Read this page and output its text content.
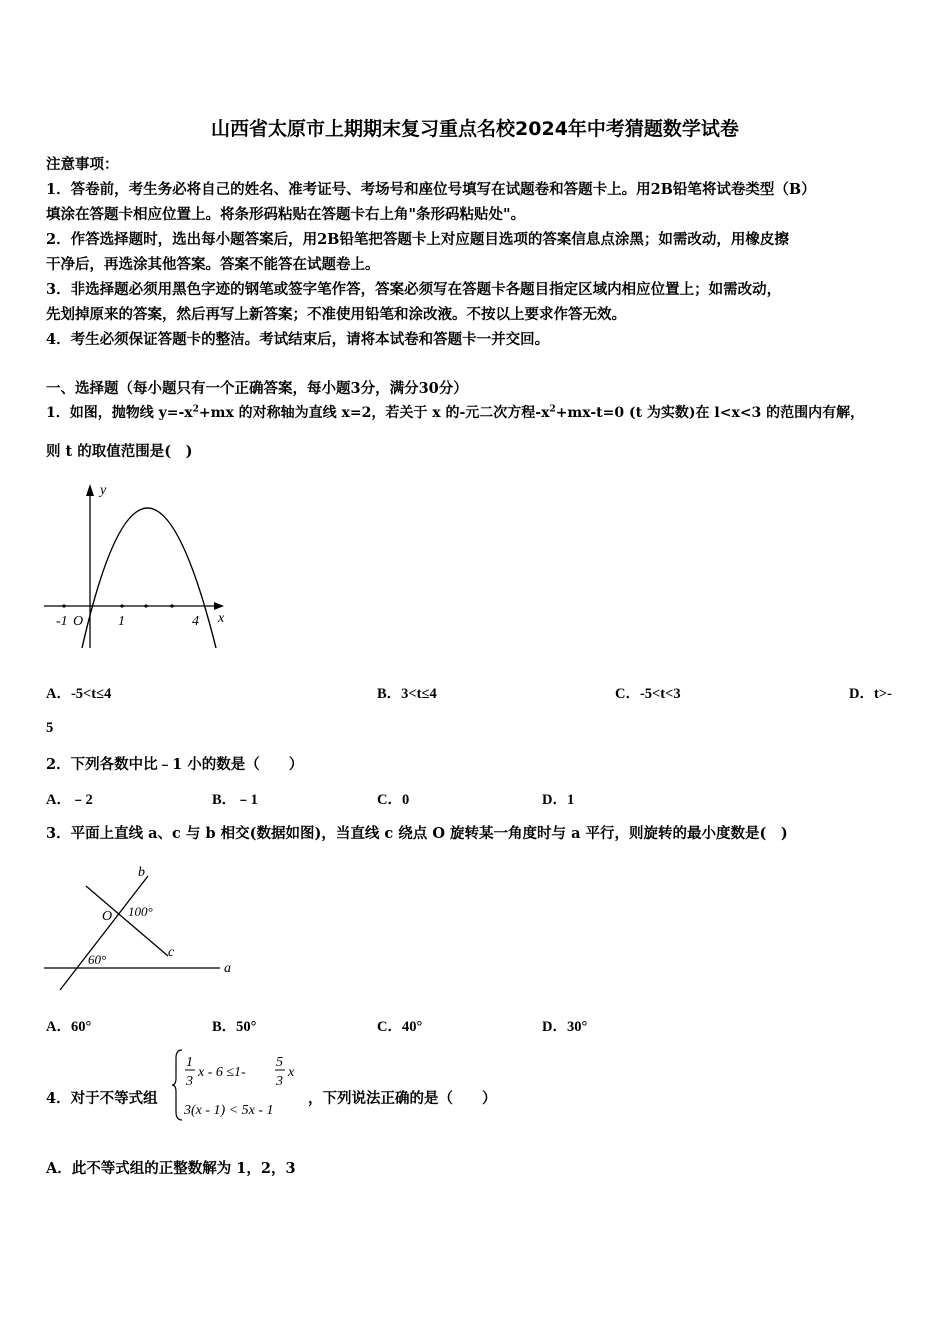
山西省太原市上期期末复习重点名校2024年中考猜题数学试卷
注意事项：
1．答卷前，考生务必将自己的姓名、准考证号、考场号和座位号填写在试题卷和答题卡上。用2B铅笔将试卷类型（B）
填涂在答题卡相应位置上。将条形码粘贴在答题卡右上角"条形码粘贴处"。
2．作答选择题时，选出每小题答案后，用2B铅笔把答题卡上对应题目选项的答案信息点涂黑；如需改动，用橡皮擦
干净后，再选涂其他答案。答案不能答在试题卷上。
3．非选择题必须用黑色字迹的钢笔或签字笔作答，答案必须写在答题卡各题目指定区域内相应位置上；如需改动，
先划掉原来的答案，然后再写上新答案；不准使用铅笔和涂改液。不按以上要求作答无效。
4．考生必须保证答题卡的整洁。考试结束后，请将本试卷和答题卡一并交回。
一、选择题（每小题只有一个正确答案，每小题3分，满分30分）
1．如图，抛物线 $y=-x^2+mx$ 的对称轴为直线 x=2，若关于 x 的-元二次方程$-x^2+mx-t=0$ (t 为实数)在 l<x<3 的范围内有解，
则 t 的取值范围是(　)
y
x
-1 O 1	4
A．-5<t≤4	B．3<t≤4	C．-5<t<3	D．t>-
5
2．下列各数中比﹣1 小的数是（　　）
A．﹣2	B．﹣1	C．0	D．1
3．平面上直线 a、c 与 b 相交(数据如图)，当直线 c 绕点 O 旋转某一角度时与 a 平行，则旋转的最小度数是(　)
b
O 100°
c
60°
a
A．60°	B．50°	C．40°	D．30°
4．对于不等式组
1
3
x - 6 ≤1-
5
3
x
3(x - 1) < 5x - 1
，下列说法正确的是（　　）
A．此不等式组的正整数解为 1，2，3
